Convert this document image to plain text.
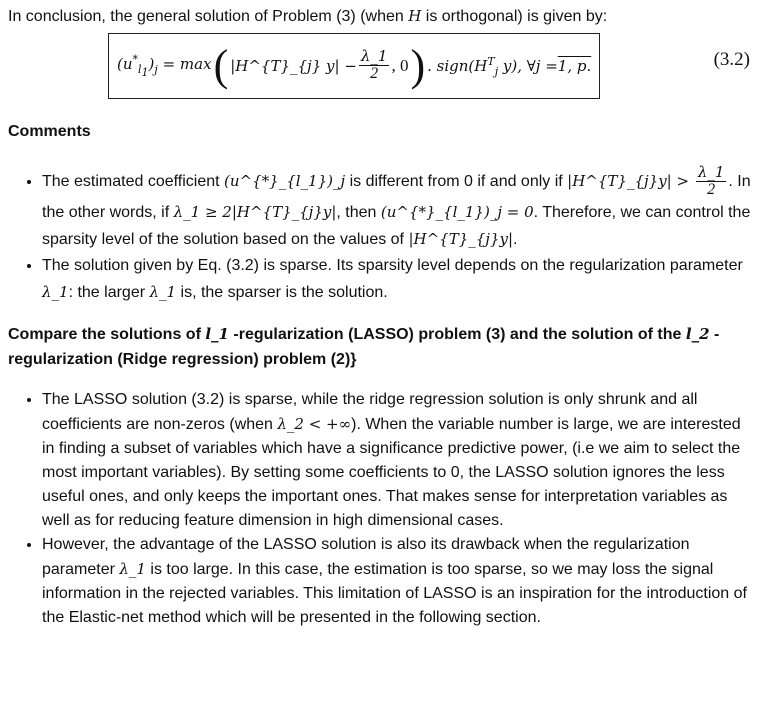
In conclusion, the general solution of Problem (3) (when H is orthogonal) is given by:

$(u^*_{l_1})_j = \max$ ( |H^{T}_{j} $y| - \frac{\lambda\_1}{2}$ , 0 ) . $sign(H^T_j$ y), ∀j = 1, p.	(3.2)
Comments
• The estimated coefficient (u^{*}_{l_1})_j is different from 0 if and only if |H^{T}_{j}y| > $\frac{\lambda\_1}{2}$ . In the other words, if λ_1 ≥ 2|H^{T}_{j}y|, then (u^{*}_{l_1})_j = 0. Therefore, we can control the sparsity level of the solution based on the values of |H^{T}_{j}y|.
• The solution given by Eq. (3.2) is sparse. Its sparsity level depends on the regularization parameter λ_1: the larger λ_1 is, the sparser is the solution.
Compare the solutions of l_1 -regularization (LASSO) problem (3) and the solution of the l_2 -regularization (Ridge regression) problem (2)}
• The LASSO solution (3.2) is sparse, while the ridge regression solution is only shrunk and all coefficients are non-zeros (when λ_2 < +∞). When the variable number is large, we are interested in finding a subset of variables which have a significance predictive power, (i.e we aim to select the most important variables). By setting some coefficients to 0, the LASSO solution ignores the less useful ones, and only keeps the important ones. That makes sense for interpretation variables as well as for reducing feature dimension in high dimensional cases.
• However, the advantage of the LASSO solution is also its drawback when the regularization parameter λ_1 is too large. In this case, the estimation is too sparse, so we may loss the signal information in the rejected variables. This limitation of LASSO is an inspiration for the introduction of the Elastic-net method which will be presented in the following section.
